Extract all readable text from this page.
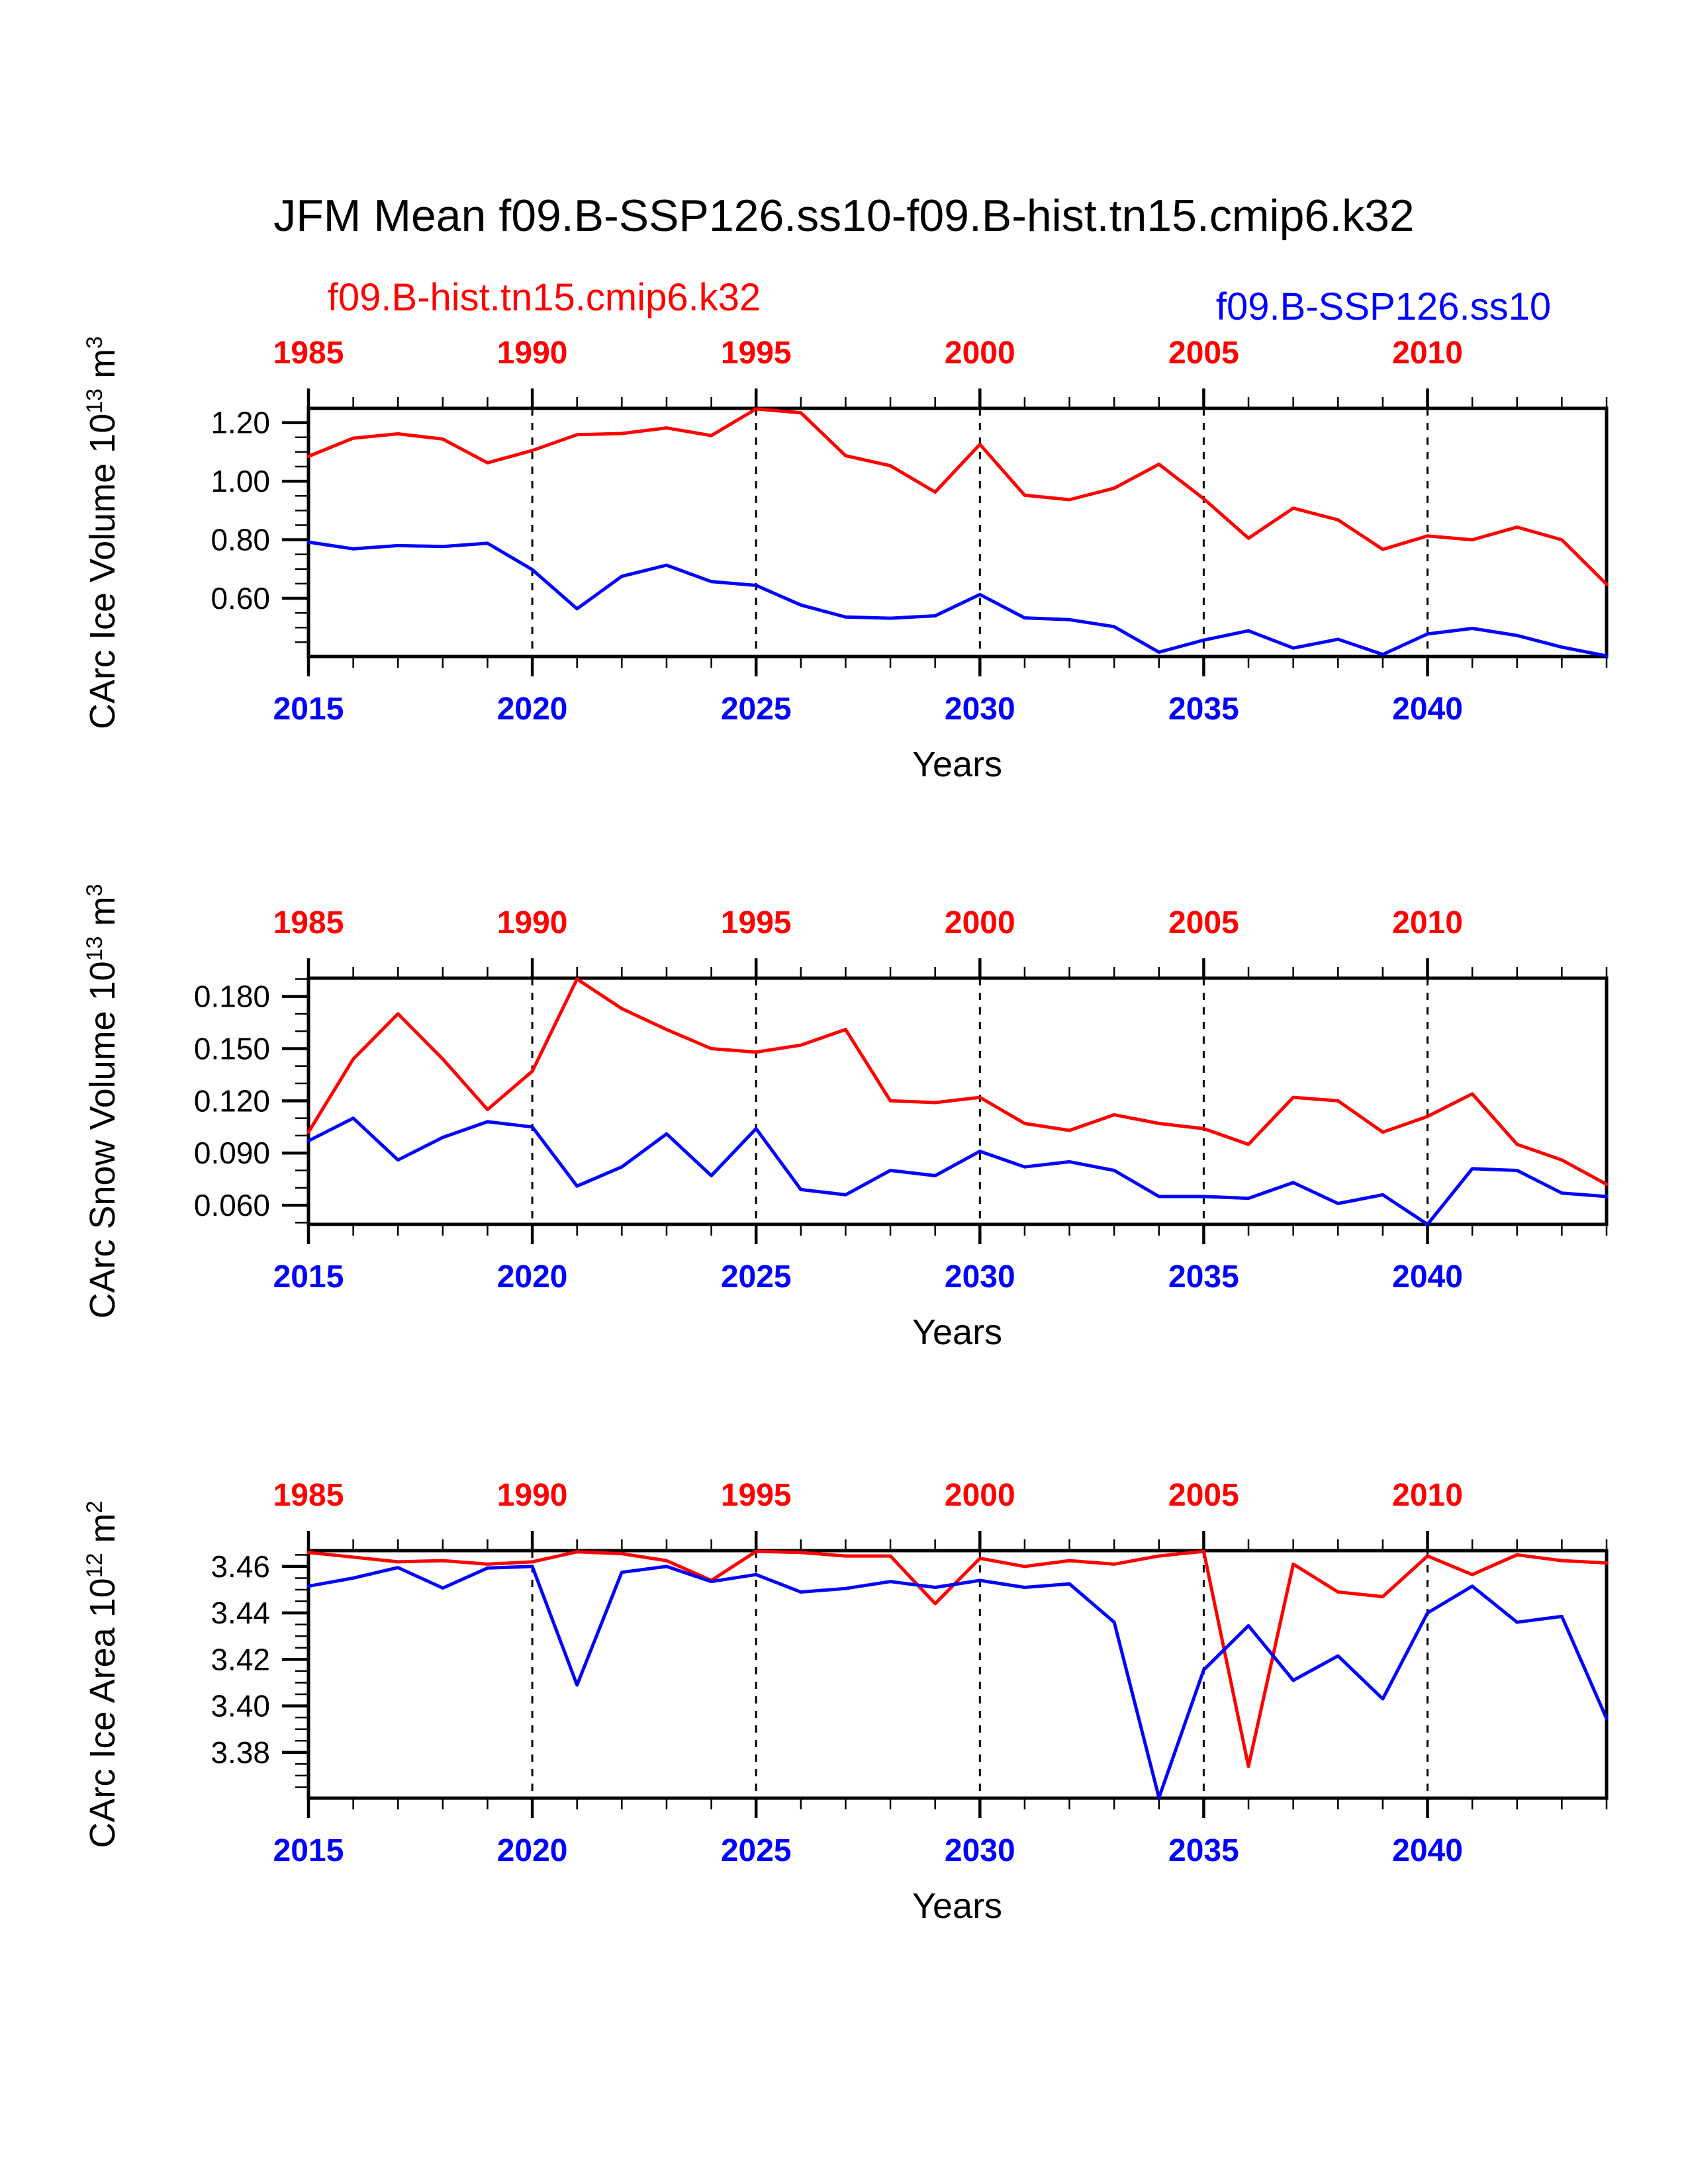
1.20
1.00
0.80
0.60
1985	1990	1995	2000	2005	2010
2015	2020	2025	2030	2035	2040
0.180
0.150
0.120
0.090
0.060
1985	1990	1995	2000	2005	2010
2015	2020	2025	2030	2035	2040
3.46
3.44
3.42
3.40
3.38
1985	1990	1995	2000	2005	2010
2015	2020	2025	2030	2035	2040
JFM Mean f09.B-SSP126.ss10-f09.B-hist.tn15.cmip6.k32
f09.B-hist.tn15.cmip6.k32	f09.B-SSP126.ss10
CArc Ice Volume $10^{13}$ $m^3$
CArc Snow Volume $10^{13}$ $m^3$
CArc Ice Area $10^{12}$ $m^2$
Years
Years
Years
